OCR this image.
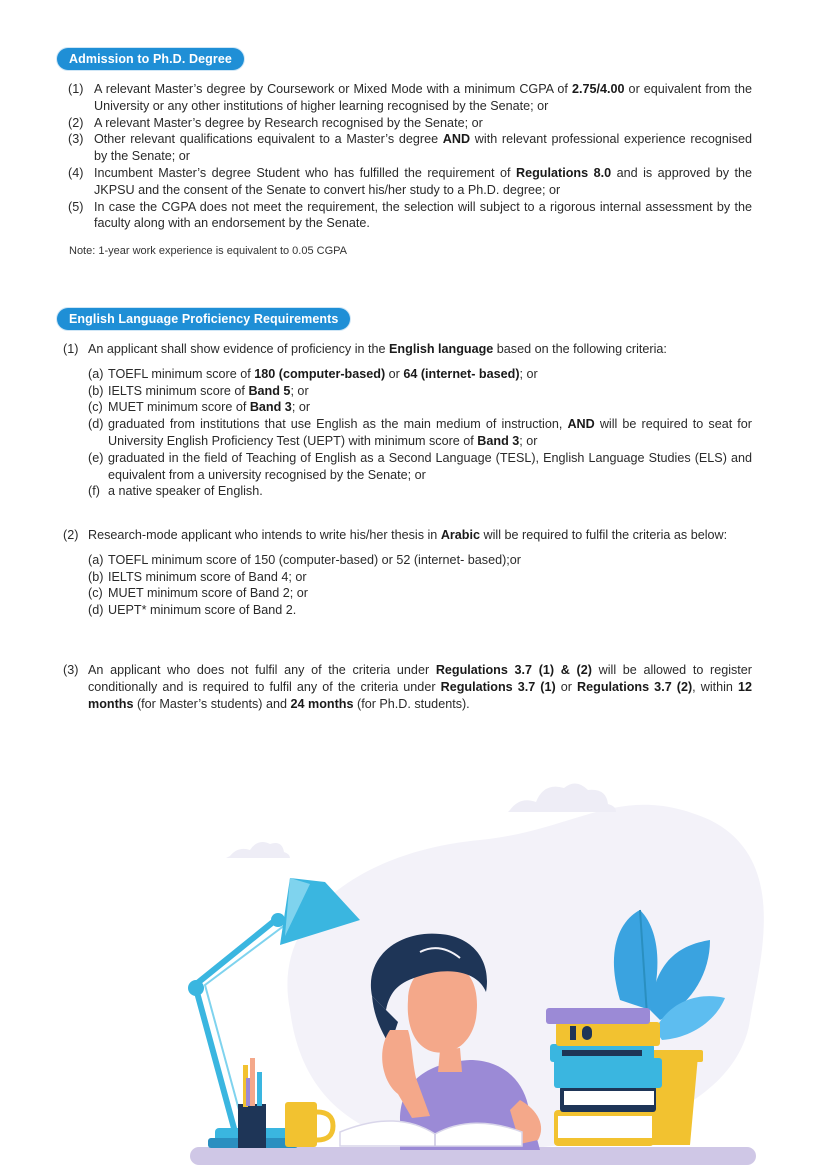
Admission to Ph.D. Degree
(1) A relevant Master’s degree by Coursework or Mixed Mode with a minimum CGPA of 2.75/4.00 or equivalent from the University or any other institutions of higher learning recognised by the Senate; or
(2) A relevant Master’s degree by Research recognised by the Senate; or
(3) Other relevant qualifications equivalent to a Master’s degree AND with relevant professional experience recognised by the Senate; or
(4) Incumbent Master’s degree Student who has fulfilled the requirement of Regulations 8.0 and is approved by the JKPSU and the consent of the Senate to convert his/her study to a Ph.D. degree; or
(5) In case the CGPA does not meet the requirement, the selection will subject to a rigorous internal assessment by the faculty along with an endorsement by the Senate.
Note: 1-year work experience is equivalent to 0.05 CGPA
English Language Proficiency Requirements
(1) An applicant shall show evidence of proficiency in the English language based on the following criteria:
(a) TOEFL minimum score of 180 (computer-based) or 64 (internet- based); or
(b) IELTS minimum score of Band 5; or
(c) MUET minimum score of Band 3; or
(d) graduated from institutions that use English as the main medium of instruction, AND will be required to seat for University English Proficiency Test (UEPT) with minimum score of Band 3; or
(e) graduated in the field of Teaching of English as a Second Language (TESL), English Language Studies (ELS) and equivalent from a university recognised by the Senate; or
(f) a native speaker of English.
(2) Research-mode applicant who intends to write his/her thesis in Arabic will be required to fulfil the criteria as below:
(a) TOEFL minimum score of 150 (computer-based) or 52 (internet- based);or
(b) IELTS minimum score of Band 4; or
(c) MUET minimum score of Band 2; or
(d) UEPT* minimum score of Band 2.
(3) An applicant who does not fulfil any of the criteria under Regulations 3.7 (1) & (2) will be allowed to register conditionally and is required to fulfil any of the criteria under Regulations 3.7 (1) or Regulations 3.7 (2), within 12 months (for Master’s students) and 24 months (for Ph.D. students).
